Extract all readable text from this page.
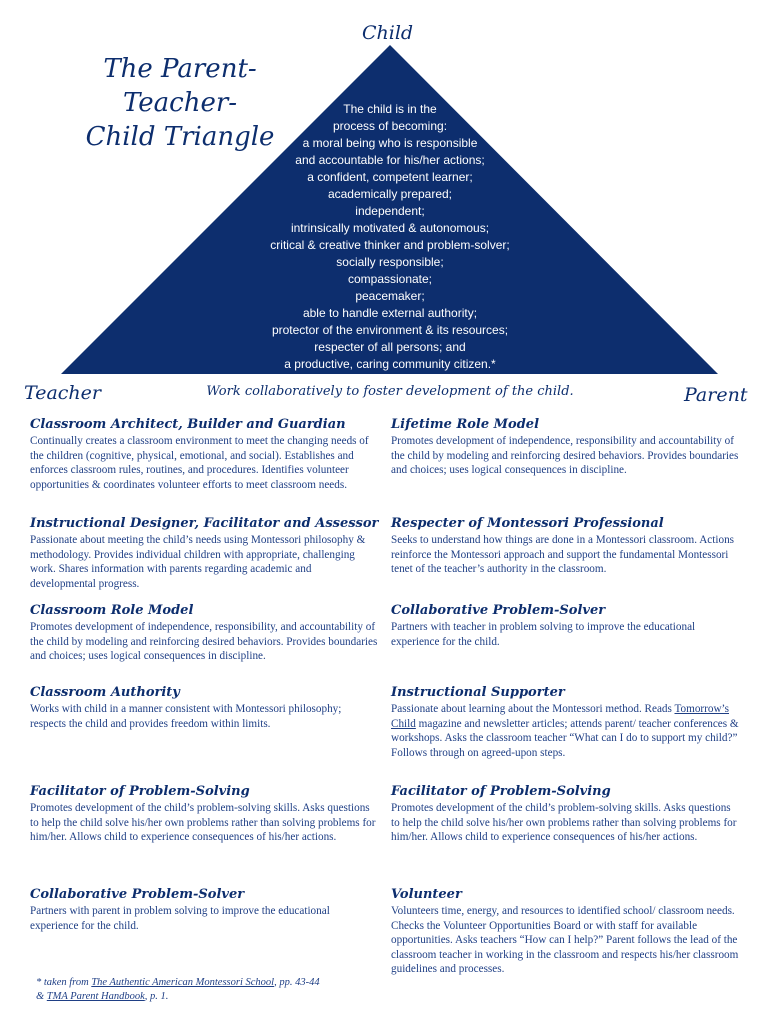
The Parent-Teacher-
Child Triangle
Child
Teacher	Parent
Work collaboratively to foster development of the child.
The child is in the
process of becoming:
a moral being who is responsible
and accountable for his/her actions;
a confident, competent learner;
academically prepared;
independent;
intrinsically motivated & autonomous;
critical & creative thinker and problem-solver;
socially responsible;
compassionate;
peacemaker;
able to handle external authority;
protector of the environment & its resources;
respecter of all persons; and
a productive, caring community citizen.*
Classroom Architect, Builder and Guardian

Continually creates a classroom environment to meet the changing needs of the children (cognitive, physical, emotional, and social). Establishes and enforces classroom rules, routines, and procedures. Identifies volunteer opportunities & coordinates volunteer efforts to meet classroom needs.

Instructional Designer, Facilitator and Assessor

Passionate about meeting the child’s needs using Montessori philosophy & methodology. Provides individual children with appropriate, challenging work. Shares information with parents regarding academic and developmental progress.

Classroom Role Model

Promotes development of independence, responsibility, and accountability of the child by modeling and reinforcing desired behaviors. Provides boundaries and choices; uses logical consequences in discipline.

Classroom Authority

Works with child in a manner consistent with Montessori philosophy; respects the child and provides freedom within limits.

Facilitator of Problem-Solving

Promotes development of the child’s problem-solving skills. Asks questions to help the child solve his/her own problems rather than solving problems for him/her. Allows child to experience consequences of his/her actions.

Collaborative Problem-Solver

Partners with parent in problem solving to improve the educational experience for the child.

Lifetime Role Model

Promotes development of independence, responsibility and accountability of the child by modeling and reinforcing desired behaviors. Provides boundaries and choices; uses logical consequences in discipline.

Respecter of Montessori Professional

Seeks to understand how things are done in a Montessori classroom. Actions reinforce the Montessori approach and support the fundamental Montessori tenet of the teacher’s authority in the classroom.

Collaborative Problem-Solver

Partners with teacher in problem solving to improve the educational experience for the child.

Instructional Supporter

Passionate about learning about the Montessori method. Reads Tomorrow’s Child magazine and newsletter articles; attends parent/ teacher conferences & workshops. Asks the classroom teacher “What can I do to support my child?” Follows through on agreed-upon steps.

Facilitator of Problem-Solving

Promotes development of the child’s problem-solving skills. Asks questions to help the child solve his/her own problems rather than solving problems for him/her. Allows child to experience consequences of his/her actions.

Volunteer

Volunteers time, energy, and resources to identified school/ classroom needs. Checks the Volunteer Opportunities Board or with staff for available opportunities. Asks teachers “How can I help?” Parent follows the lead of the classroom teacher in working in the classroom and respects his/her classroom guidelines and processes.

* taken from The Authentic American Montessori School, pp. 43-44
& TMA Parent Handbook, p. 1.
